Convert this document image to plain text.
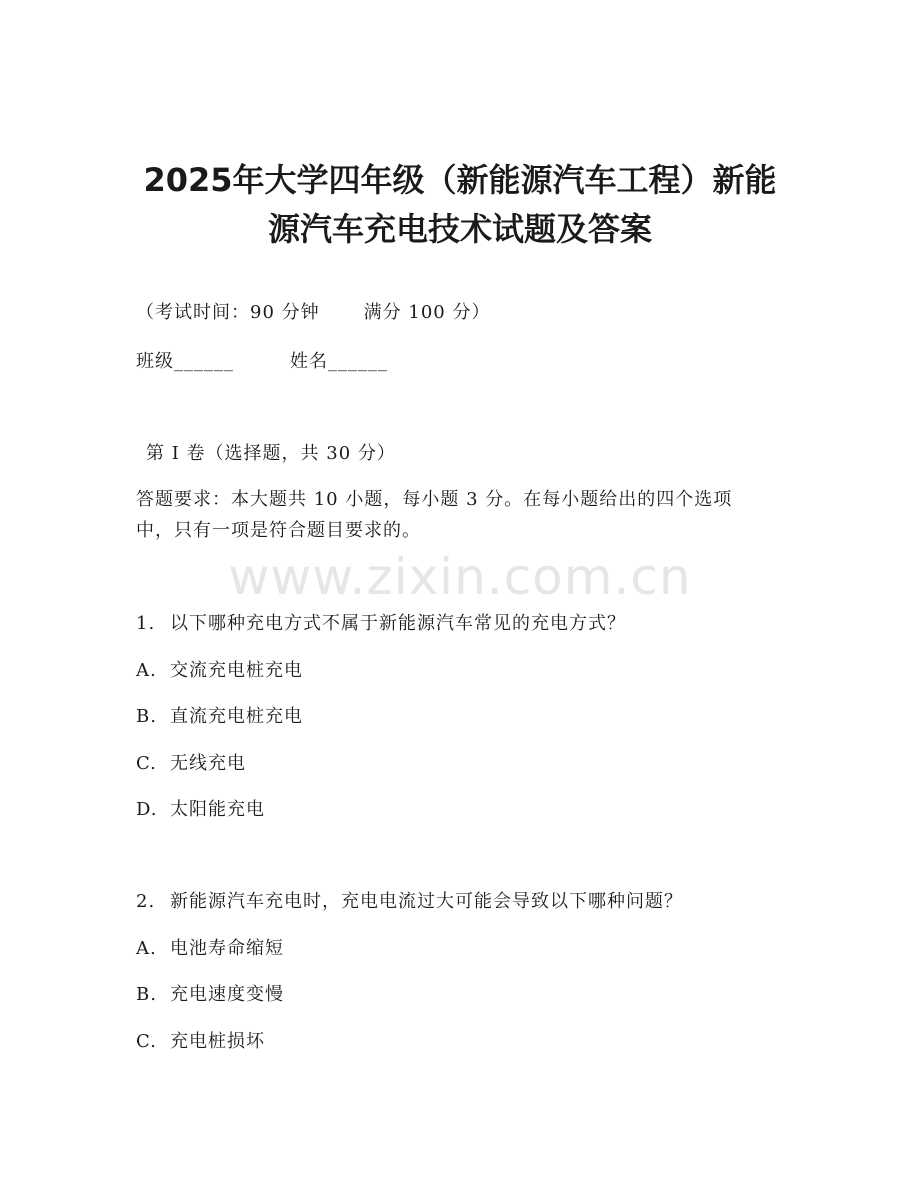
2025年大学四年级（新能源汽车工程）新能
源汽车充电技术试题及答案
（考试时间：90 分钟 满分 100 分）
班级______	姓名______
第 Ⅰ 卷（选择题，共 30 分）
答题要求：本大题共 10 小题，每小题 3 分。在每小题给出的四个选项
中，只有一项是符合题目要求的。
www.zixin.com.cn
1. 以下哪种充电方式不属于新能源汽车常见的充电方式？
A. 交流充电桩充电
B. 直流充电桩充电
C. 无线充电
D. 太阳能充电
2. 新能源汽车充电时，充电电流过大可能会导致以下哪种问题？
A. 电池寿命缩短
B. 充电速度变慢
C. 充电桩损坏
